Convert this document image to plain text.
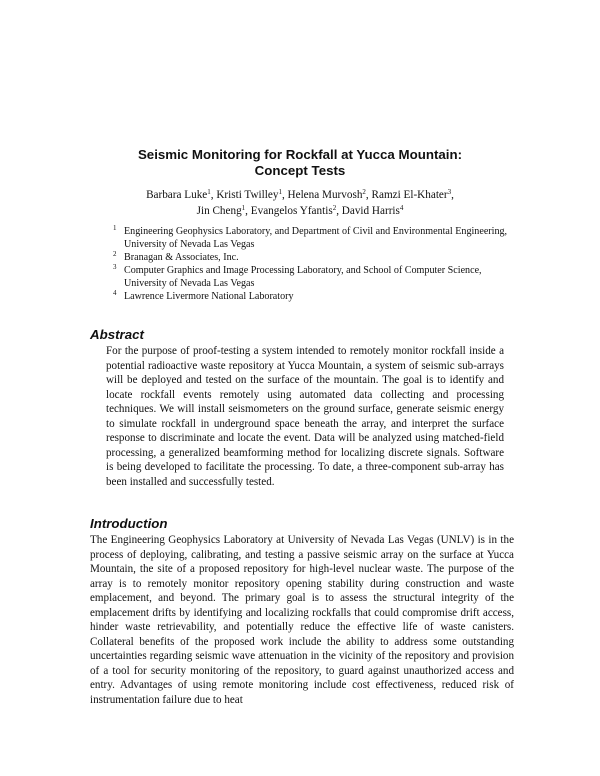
Seismic Monitoring for Rockfall at Yucca Mountain:
Concept Tests
Barbara Luke$^1$, Kristi Twilley$^1$, Helena Murvosh$^2$, Ramzi El-Khater$^3$,
Jin Cheng$^1$, Evangelos Yfantis$^2$, David Harris$^4$
1 Engineering Geophysics Laboratory, and Department of Civil and Environmental Engineering, University of Nevada Las Vegas
2 Branagan & Associates, Inc.
3 Computer Graphics and Image Processing Laboratory, and School of Computer Science, University of Nevada Las Vegas
4 Lawrence Livermore National Laboratory
Abstract
For the purpose of proof-testing a system intended to remotely monitor rockfall inside a potential radioactive waste repository at Yucca Mountain, a system of seismic sub-arrays will be deployed and tested on the surface of the mountain. The goal is to identify and locate rockfall events remotely using automated data collecting and processing techniques. We will install seismometers on the ground surface, generate seismic energy to simulate rockfall in underground space beneath the array, and interpret the surface response to discriminate and locate the event. Data will be analyzed using matched-field processing, a generalized beamforming method for localizing discrete signals. Software is being developed to facilitate the processing. To date, a three-component sub-array has been installed and successfully tested.
Introduction
The Engineering Geophysics Laboratory at University of Nevada Las Vegas (UNLV) is in the process of deploying, calibrating, and testing a passive seismic array on the surface at Yucca Mountain, the site of a proposed repository for high-level nuclear waste. The purpose of the array is to remotely monitor repository opening stability during construction and waste emplacement, and beyond. The primary goal is to assess the structural integrity of the emplacement drifts by identifying and localizing rockfalls that could compromise drift access, hinder waste retrievability, and potentially reduce the effective life of waste canisters. Collateral benefits of the proposed work include the ability to address some outstanding uncertainties regarding seismic wave attenuation in the vicinity of the repository and provision of a tool for security monitoring of the repository, to guard against unauthorized access and entry. Advantages of using remote monitoring include cost effectiveness, reduced risk of instrumentation failure due to heat
